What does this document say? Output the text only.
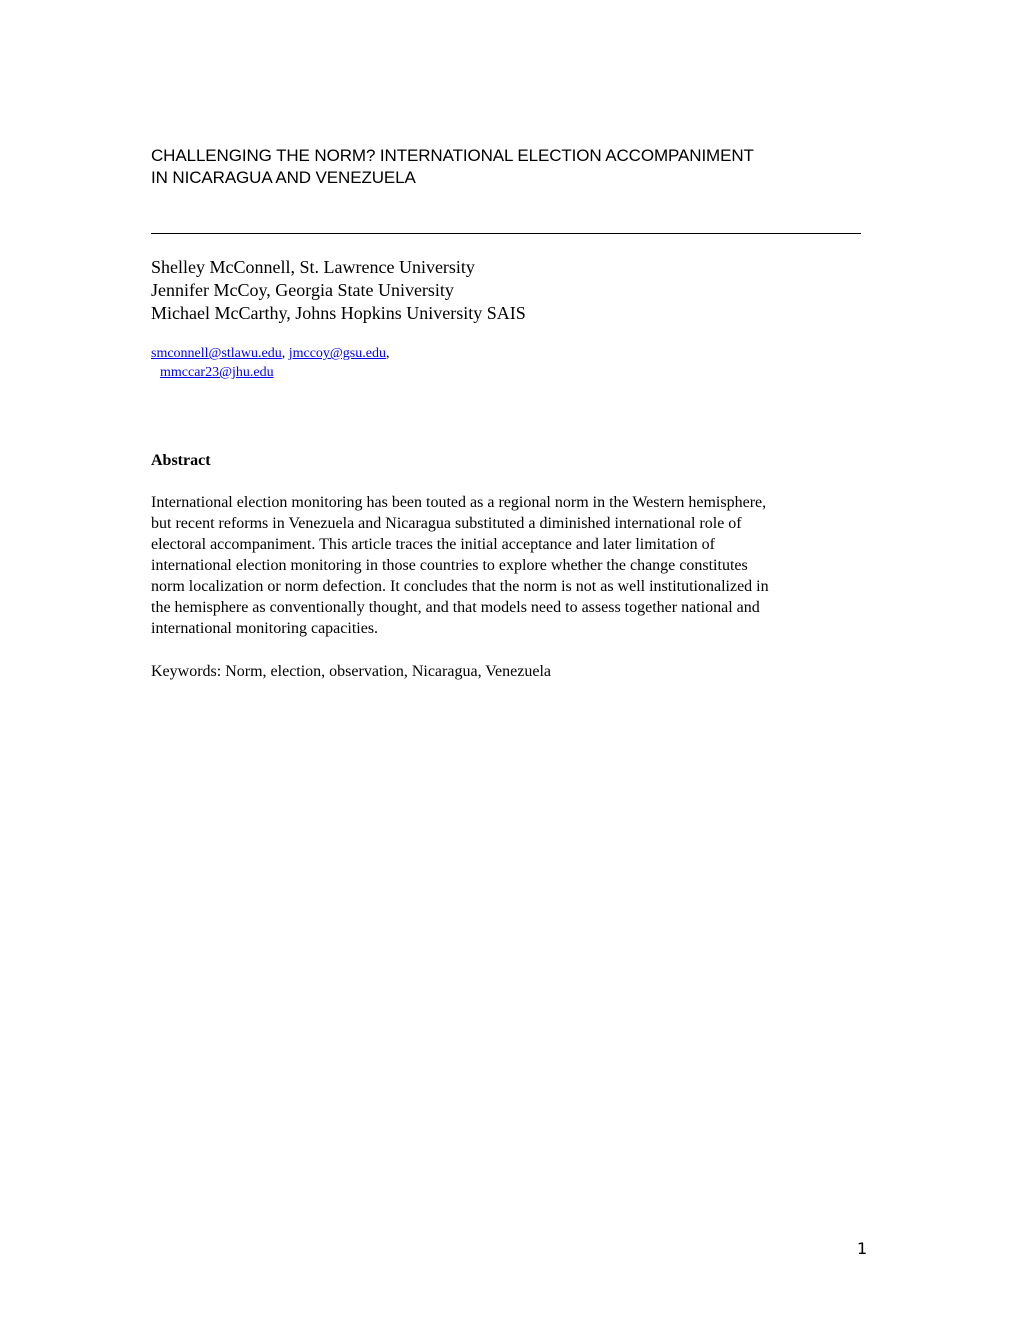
CHALLENGING THE NORM? INTERNATIONAL ELECTION ACCOMPANIMENT
IN NICARAGUA AND VENEZUELA
Shelley McConnell, St. Lawrence University
Jennifer McCoy, Georgia State University
Michael McCarthy, Johns Hopkins University SAIS
smconnell@stlawu.edu, jmccoy@gsu.edu,
mmccar23@jhu.edu
Abstract
International election monitoring has been touted as a regional norm in the Western hemisphere,
but recent reforms in Venezuela and Nicaragua substituted a diminished international role of
electoral accompaniment. This article traces the initial acceptance and later limitation of
international election monitoring in those countries to explore whether the change constitutes
norm localization or norm defection. It concludes that the norm is not as well institutionalized in
the hemisphere as conventionally thought, and that models need to assess together national and
international monitoring capacities.
Keywords: Norm, election, observation, Nicaragua, Venezuela
1
